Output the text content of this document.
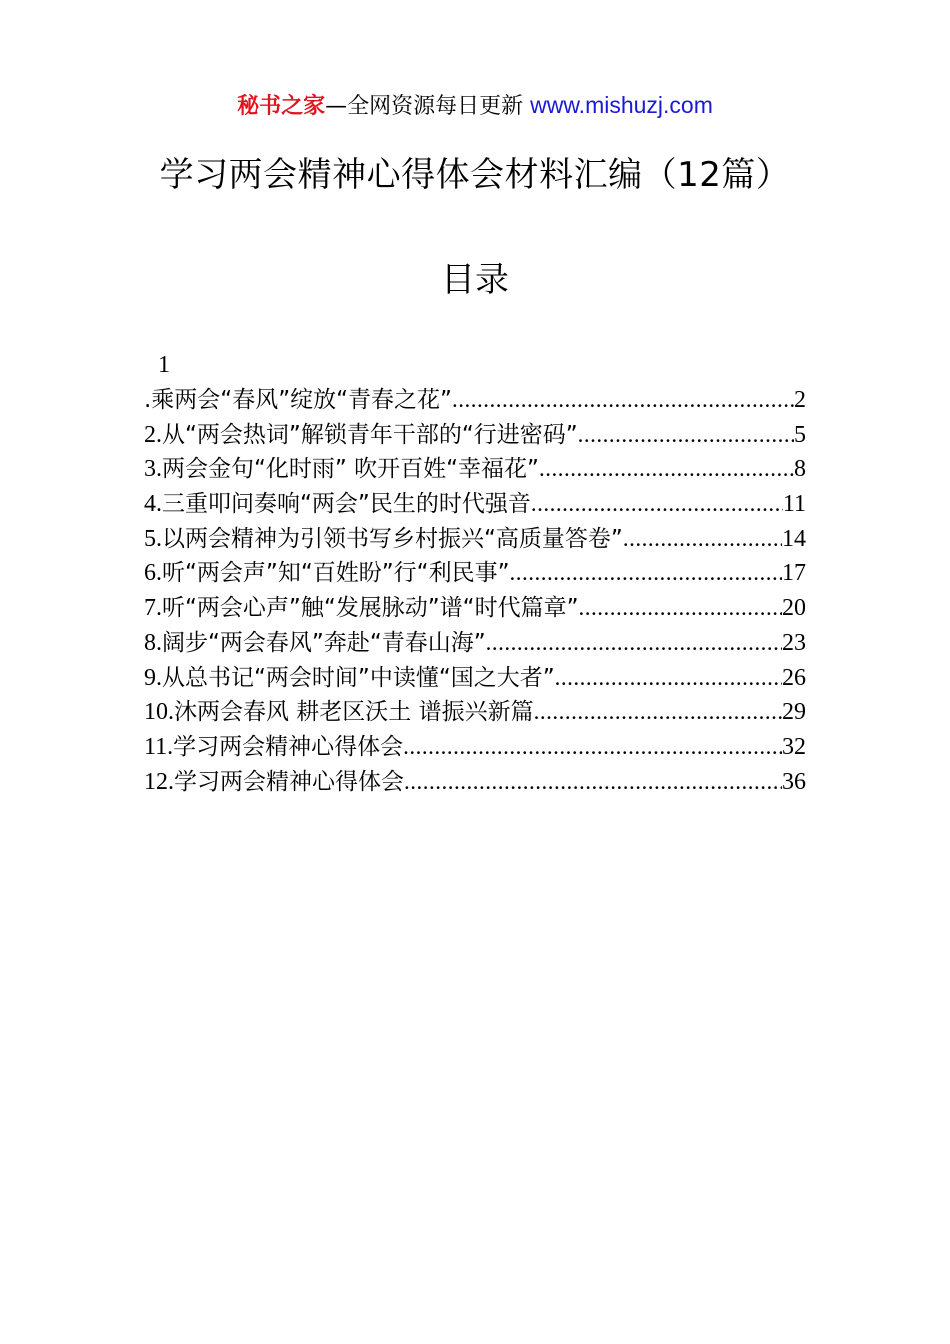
秘书之家—全网资源每日更新 www.mishuzj.com
学习两会精神心得体会材料汇编（12篇）
目录
1
.乘两会“春风”绽放“青春之花” .....	2
2.从“两会热词”解锁青年干部的“行进密码” .....	5
3.两会金句“化时雨” 吹开百姓“幸福花” .....	8
4.三重叩问奏响“两会”民生的时代强音 .....	11
5.以两会精神为引领书写乡村振兴“高质量答卷” .....	14
6.听“两会声”知“百姓盼”行“利民事” .....	17
7.听“两会心声”触“发展脉动”谱“时代篇章” .....	20
8.阔步“两会春风”奔赴“青春山海” .....	23
9.从总书记“两会时间”中读懂“国之大者” .....	26
10.沐两会春风 耕老区沃土 谱振兴新篇 .....	29
11.学习两会精神心得体会 .....	32
12.学习两会精神心得体会 .....	36
